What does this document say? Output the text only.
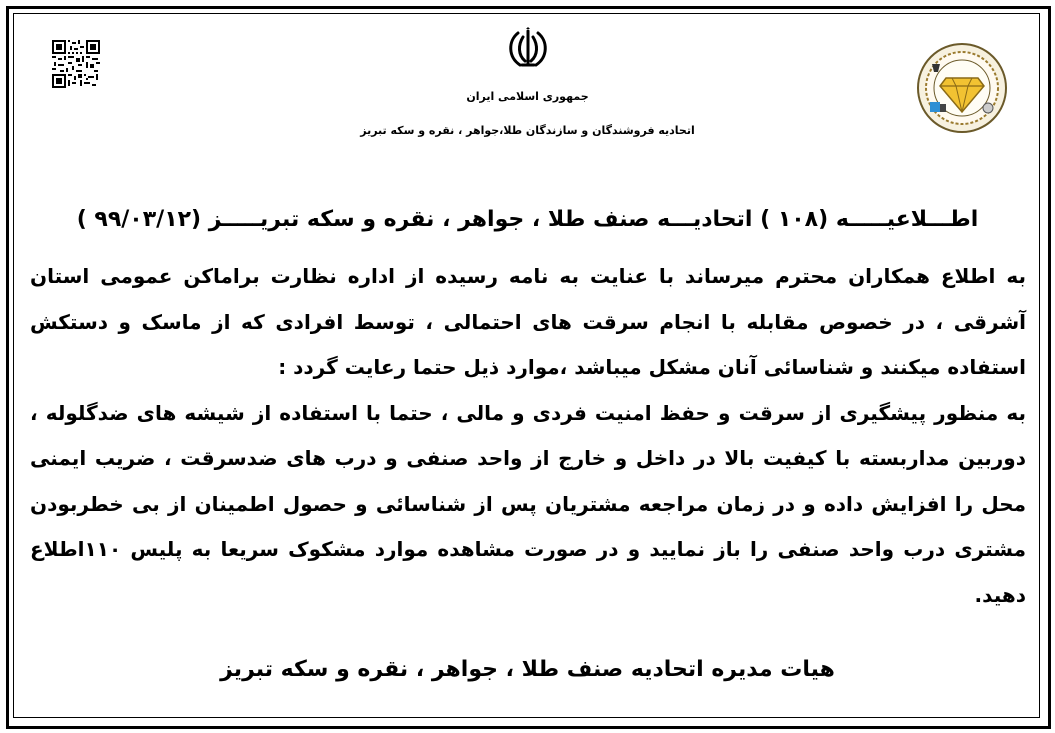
جمهوری اسلامی ایران
اتحادیه فروشندگان و سازندگان طلا،جواهر ، نقره و سکه تبریز
اطـــلاعیـــــه (۱۰۸ ) اتحادیـــه صنف طلا ، جواهر ، نقره و سکه تبریـــــز (۹۹/۰۳/۱۲ )

به اطلاع همکاران محترم میرساند با عنایت به نامه رسیده از اداره نظارت براماکن عمومی استان آشرقی ، در خصوص مقابله با انجام سرقت های احتمالی ، توسط افرادی که از ماسک و دستکش استفاده میکنند و شناسائی آنان مشکل میباشد ،موارد ذیل حتما رعایت گردد :

به منظور پیشگیری از سرقت و حفظ امنیت فردی و مالی ، حتما با استفاده از شیشه های ضدگلوله ، دوربین مداربسته با کیفیت بالا در داخل و خارج از واحد صنفی و درب های ضدسرقت ، ضریب ایمنی محل را افزایش داده و در زمان مراجعه مشتریان پس از شناسائی و حصول اطمینان از بی خطربودن مشتری درب واحد صنفی را باز نمایید و در صورت مشاهده موارد مشکوک سریعا به پلیس ۱۱۰اطلاع دهید.

هیات مدیره اتحادیه صنف طلا ، جواهر ، نقره و سکه تبریز
